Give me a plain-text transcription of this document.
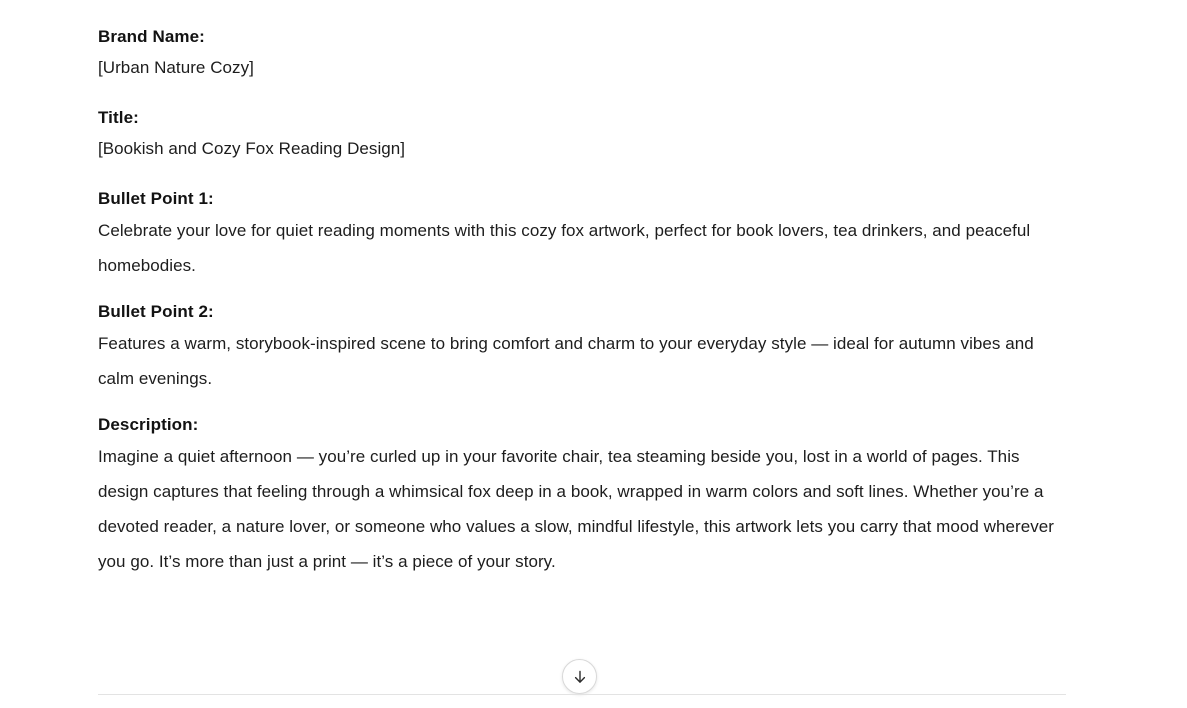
Brand Name:
[Urban Nature Cozy]
Title:
[Bookish and Cozy Fox Reading Design]
Bullet Point 1:
Celebrate your love for quiet reading moments with this cozy fox artwork, perfect for book lovers, tea drinkers, and peaceful homebodies.
Bullet Point 2:
Features a warm, storybook-inspired scene to bring comfort and charm to your everyday style — ideal for autumn vibes and calm evenings.
Description:
Imagine a quiet afternoon — you’re curled up in your favorite chair, tea steaming beside you, lost in a world of pages. This design captures that feeling through a whimsical fox deep in a book, wrapped in warm colors and soft lines. Whether you’re a devoted reader, a nature lover, or someone who values a slow, mindful lifestyle, this artwork lets you carry that mood wherever you go. It’s more than just a print — it’s a piece of your story.
